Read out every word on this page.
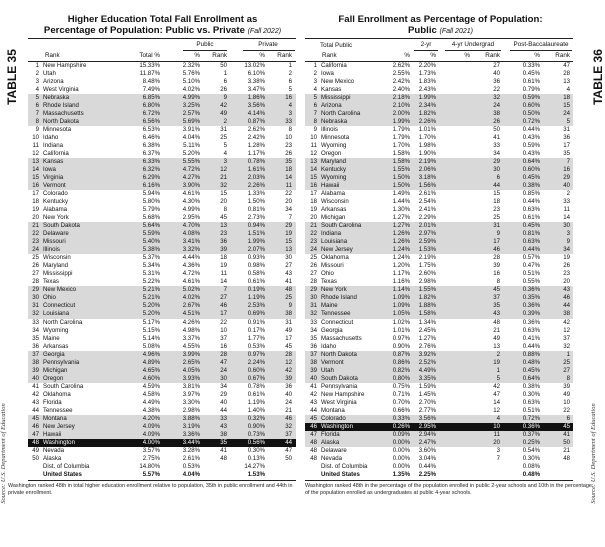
TABLE 35
Source: U.S. Department of Education
Higher Education Total Fall Enrollment as
Percentage of Population: Public vs. Private (Fall 2022)
Public	Private
Rank	Total %	%	Rank	%	Rank
1 New Hampshire	15.33%	2.32%	50	13.02%	1
2 Utah	11.87%	5.76%	1	6.10%	2
3 Arizona	8.48%	5.10%	6	3.38%	6
4 West Virginia	7.49%	4.02%	26	3.47%	5
5 Nebraska	6.85%	4.99%	9	1.86%	16
6 Rhode Island	6.80%	3.25%	42	3.56%	4
7 Massachusetts	6.72%	2.57%	49	4.14%	3
8 North Dakota	6.56%	5.69%	2	0.87%	33
9 Minnesota	6.53%	3.91%	31	2.62%	8
10 Idaho	6.46%	4.04%	25	2.42%	10
11 Indiana	6.38%	5.11%	5	1.28%	23
12 California	6.37%	5.20%	4	1.17%	26
13 Kansas	6.33%	5.55%	3	0.78%	35
14 Iowa	6.32%	4.72%	12	1.61%	18
15 Virginia	6.29%	4.27%	21	2.03%	14
16 Vermont	6.16%	3.90%	32	2.26%	11
17 Colorado	5.94%	4.61%	15	1.33%	22
18 Kentucky	5.80%	4.30%	20	1.50%	20
19 Alabama	5.79%	4.99%	8	0.81%	34
20 New York	5.68%	2.95%	45	2.73%	7
21 South Dakota	5.64%	4.70%	13	0.94%	29
22 Delaware	5.59%	4.08%	23	1.51%	19
23 Missouri	5.40%	3.41%	36	1.99%	15
24 Illinois	5.38%	3.32%	39	2.07%	13
25 Wisconsin	5.37%	4.44%	18	0.93%	30
26 Maryland	5.34%	4.36%	19	0.98%	27
27 Mississippi	5.31%	4.72%	11	0.58%	43
28 Texas	5.22%	4.61%	14	0.61%	41
29 New Mexico	5.21%	5.02%	7	0.19%	48
30 Ohio	5.21%	4.02%	27	1.19%	25
31 Connecticut	5.20%	2.67%	46	2.53%	9
32 Louisiana	5.20%	4.51%	17	0.69%	38
33 North Carolina	5.17%	4.26%	22	0.91%	31
34 Wyoming	5.15%	4.98%	10	0.17%	49
35 Maine	5.14%	3.37%	37	1.77%	17
36 Arkansas	5.08%	4.55%	16	0.53%	45
37 Georgia	4.96%	3.99%	28	0.97%	28
38 Pennsylvania	4.89%	2.65%	47	2.24%	12
39 Michigan	4.65%	4.05%	24	0.60%	42
40 Oregon	4.60%	3.93%	30	0.67%	39
41 South Carolina	4.59%	3.81%	34	0.78%	36
42 Oklahoma	4.58%	3.97%	29	0.61%	40
43 Florida	4.49%	3.30%	40	1.19%	24
44 Tennessee	4.38%	2.98%	44	1.40%	21
45 Montana	4.20%	3.88%	33	0.32%	46
46 New Jersey	4.09%	3.19%	43	0.90%	32
47 Hawaii	4.09%	3.36%	38	0.73%	37
48 Washington	4.00%	3.44%	35	0.56%	44
49 Nevada	3.57%	3.28%	41	0.30%	47
50 Alaska	2.75%	2.61%	48	0.13%	50
Dist. of Columbia	14.80%	0.53%	14.27%
United States	5.57%	4.04%	1.53%
Washington ranked 48th in total higher education enrollment relative to population, 35th in public enrollment and 44th in private enrollment.
TABLE 36
Source: U.S. Department of Education
Fall Enrollment as Percentage of Population:
Public (Fall 2021)
Total Public	2-yr	4-yr Undergrad	Post-Baccalaureate
Rank	%	%	%	Rank	%	Rank
1 California	2.62%	2.20%	27	0.33%	47
2 Iowa	2.55%	1.73%	40	0.45%	28
3 New Mexico	2.42%	1.83%	36	0.61%	13
4 Kansas	2.40%	2.43%	22	0.79%	4
5 Mississippi	2.18%	1.99%	32	0.59%	18
6 Arizona	2.10%	2.34%	24	0.60%	15
7 North Carolina	2.00%	1.82%	38	0.50%	24
8 Nebraska	1.99%	2.26%	26	0.72%	5
9 Illinois	1.79%	1.01%	50	0.44%	31
10 Minnesota	1.79%	1.70%	41	0.43%	36
11 Wyoming	1.70%	1.98%	33	0.59%	17
12 Oregon	1.58%	1.90%	34	0.43%	35
13 Maryland	1.58%	2.19%	29	0.64%	7
14 Kentucky	1.55%	2.06%	30	0.60%	16
15 Wyoming	1.50%	3.18%	6	0.45%	29
16 Hawaii	1.50%	1.56%	44	0.38%	40
17 Alabama	1.49%	2.61%	15	0.85%	2
18 Wisconsin	1.44%	2.54%	18	0.44%	33
19 Arkansas	1.30%	2.41%	23	0.63%	11
20 Michigan	1.27%	2.29%	25	0.61%	14
21 South Carolina	1.27%	2.01%	31	0.45%	30
22 Indiana	1.26%	2.97%	9	0.81%	3
23 Louisiana	1.26%	2.59%	17	0.63%	9
24 New Jersey	1.24%	1.53%	46	0.44%	34
25 Oklahoma	1.24%	2.19%	28	0.57%	19
26 Missouri	1.20%	1.75%	39	0.47%	26
27 Ohio	1.17%	2.60%	16	0.51%	23
28 Texas	1.16%	2.98%	8	0.55%	20
29 New York	1.14%	1.55%	45	0.36%	43
30 Rhode Island	1.09%	1.82%	37	0.35%	46
31 Maine	1.09%	1.88%	35	0.36%	44
32 Tennessee	1.05%	1.58%	43	0.39%	38
33 Connecticut	1.02%	1.34%	48	0.36%	42
34 Georgia	1.01%	2.45%	21	0.63%	12
35 Massachusetts	0.97%	1.27%	49	0.41%	37
36 Idaho	0.90%	2.76%	13	0.44%	32
37 North Dakota	0.87%	3.92%	2	0.88%	1
38 Vermont	0.86%	2.52%	19	0.48%	25
39 Utah	0.82%	4.49%	1	0.45%	27
40 South Dakota	0.80%	3.35%	5	0.64%	8
41 Pennsylvania	0.75%	1.59%	42	0.38%	39
42 New Hampshire	0.71%	1.45%	47	0.30%	49
43 West Virginia	0.70%	2.70%	14	0.63%	10
44 Montana	0.66%	2.77%	12	0.51%	22
45 Colorado	0.33%	3.56%	4	0.72%	6
46 Washington	0.26%	2.95%	10	0.36%	45
47 Florida	0.09%	2.94%	11	0.37%	41
48 Alaska	0.00%	2.47%	20	0.25%	50
48 Delaware	0.00%	3.60%	3	0.54%	21
48 Nevada	0.00%	3.04%	7	0.30%	48
Dist. of Columbia	0.00%	0.44%	0.08%
United States	1.35%	2.25%	0.48%
Washington ranked 48th in the percentage of the population enrolled in public 2-year schools and 10th in the percentage of the population enrolled as undergraduates at public 4-year schools.
